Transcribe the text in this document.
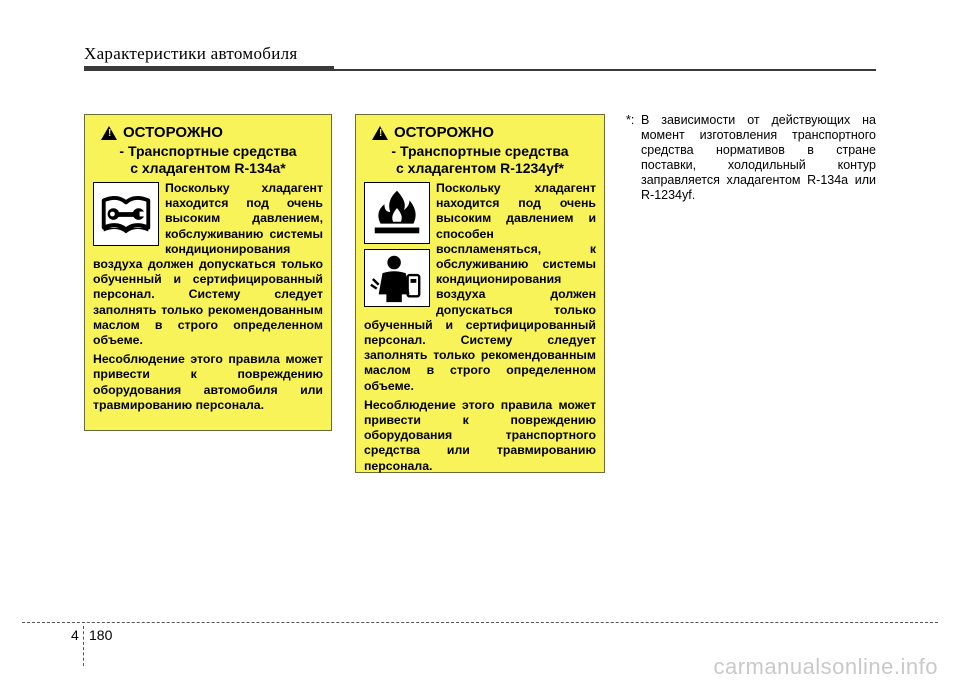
Характеристики автомобиля
! ОСТОРОЖНО
- Транспортные средства
с хладагентом R-134a*

Поскольку хладагент находится под очень высоким давлением, кобслуживанию системы кондиционирования воздуха должен допускаться только обученный и сертифицированный персонал. Систему следует заполнять только рекомендованным маслом в строго определенном объеме.

Несоблюдение этого правила может привести к повреждению оборудования автомобиля или травмированию персонала.

! ОСТОРОЖНО
- Транспортные средства
с хладагентом R-1234yf*

Поскольку хладагент находится под очень высоким давлением и способен воспламеняться, к обслуживанию системы кондиционирования воздуха должен допускаться только обученный и сертифицированный персонал. Систему следует заполнять только рекомендованным маслом в строго определенном объеме.

Несоблюдение этого правила может привести к повреждению оборудования транспортного средства или травмированию персонала.

*: В зависимости от действующих на момент изготовления транспортного средства нормативов в стране поставки, холодильный контур заправляется хладагентом R-134a или R-1234yf.
4 180
carmanualsonline.info
